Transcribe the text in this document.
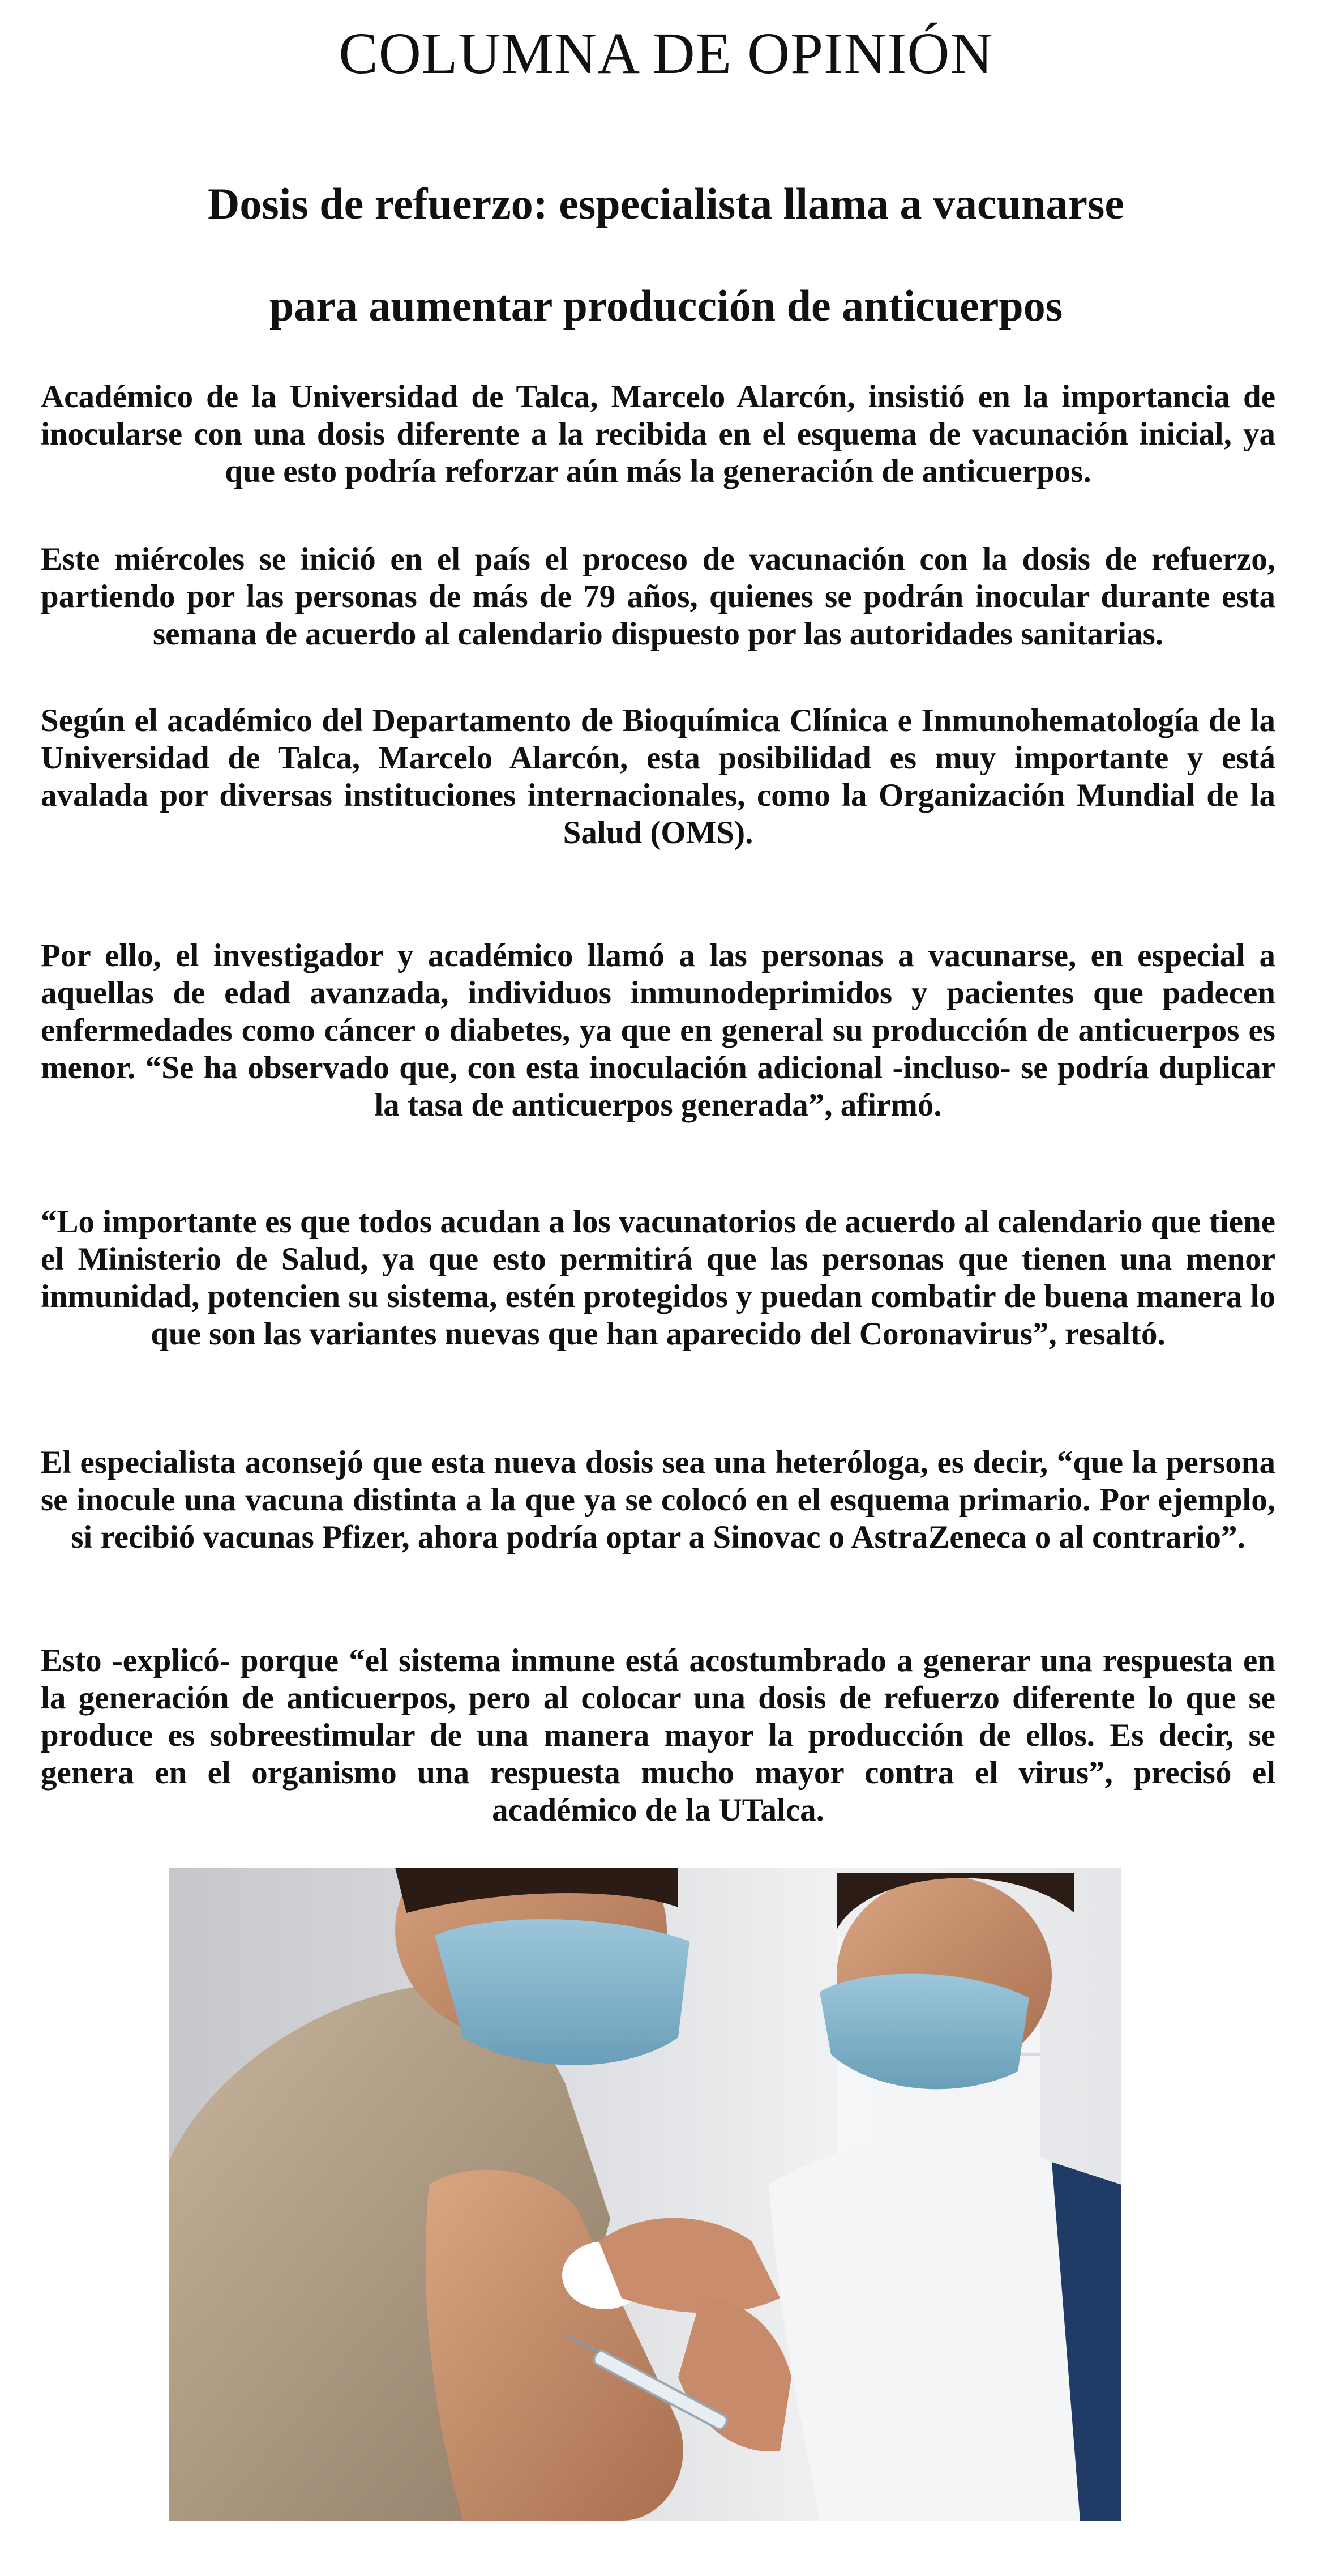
COLUMNA DE OPINIÓN
Dosis de refuerzo: especialista llama a vacunarse
para aumentar producción de anticuerpos

Académico de la Universidad de Talca, Marcelo Alarcón, insistió en la importancia de inocularse con una dosis diferente a la recibida en el esquema de vacunación inicial, ya que esto podría reforzar aún más la generación de anticuerpos.

Este miércoles se inició en el país el proceso de vacunación con la dosis de refuerzo, partiendo por las personas de más de 79 años, quienes se podrán inocular durante esta semana de acuerdo al calendario dispuesto por las autoridades sanitarias.

Según el académico del Departamento de Bioquímica Clínica e Inmunohematología de la Universidad de Talca, Marcelo Alarcón, esta posibilidad es muy importante y está avalada por diversas instituciones internacionales, como la Organización Mundial de la Salud (OMS).

Por ello, el investigador y académico llamó a las personas a vacunarse, en especial a aquellas de edad avanzada, individuos inmunodeprimidos y pacientes que padecen enfermedades como cáncer o diabetes, ya que en general su producción de anticuerpos es menor. “Se ha observado que, con esta inoculación adicional -incluso- se podría duplicar la tasa de anticuerpos generada”, afirmó.

“Lo importante es que todos acudan a los vacunatorios de acuerdo al calendario que tiene el Ministerio de Salud, ya que esto permitirá que las personas que tienen una menor inmunidad, potencien su sistema, estén protegidos y puedan combatir de buena manera lo que son las variantes nuevas que han aparecido del Coronavirus”, resaltó.

El especialista aconsejó que esta nueva dosis sea una heteróloga, es decir, “que la persona se inocule una vacuna distinta a la que ya se colocó en el esquema primario. Por ejemplo, si recibió vacunas Pfizer, ahora podría optar a Sinovac o AstraZeneca o al contrario”.

Esto -explicó- porque “el sistema inmune está acostumbrado a generar una respuesta en la generación de anticuerpos, pero al colocar una dosis de refuerzo diferente lo que se produce es sobreestimular de una manera mayor la producción de ellos. Es decir, se genera en el organismo una respuesta mucho mayor contra el virus”, precisó el académico de la UTalca.
